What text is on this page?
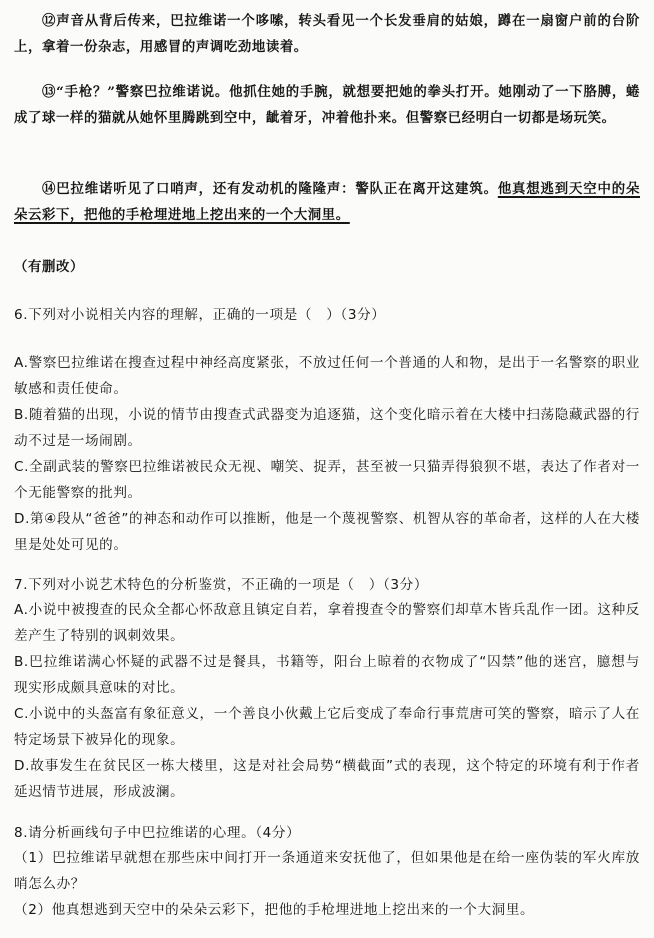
⑫声音从背后传来，巴拉维诺一个哆嗦，转头看见一个长发垂肩的姑娘，蹲在一扇窗户前的台阶上，拿着一份杂志，用感冒的声调吃劲地读着。

⑬“手枪？”警察巴拉维诺说。他抓住她的手腕，就想要把她的拳头打开。她刚动了一下胳膊，蜷成了球一样的猫就从她怀里腾跳到空中，龇着牙，冲着他扑来。但警察已经明白一切都是场玩笑。

⑭巴拉维诺听见了口哨声，还有发动机的隆隆声：警队正在离开这建筑。他真想逃到天空中的朵朵云彩下，把他的手枪埋进地上挖出来的一个大洞里。

（有删改）

6.下列对小说相关内容的理解，正确的一项是（　）（3分）

A.警察巴拉维诺在搜查过程中神经高度紧张，不放过任何一个普通的人和物，是出于一名警察的职业敏感和责任使命。
B.随着猫的出现，小说的情节由搜查式武器变为追逐猫，这个变化暗示着在大楼中扫荡隐藏武器的行动不过是一场闹剧。
C.全副武装的警察巴拉维诺被民众无视、嘲笑、捉弄，甚至被一只猫弄得狼狈不堪，表达了作者对一个无能警察的批判。
D.第④段从“爸爸”的神态和动作可以推断，他是一个蔑视警察、机智从容的革命者，这样的人在大楼里是处处可见的。

7.下列对小说艺术特色的分析鉴赏，不正确的一项是（　）（3分）

A.小说中被搜查的民众全都心怀敌意且镇定自若，拿着搜查令的警察们却草木皆兵乱作一团。这种反差产生了特别的讽刺效果。
B.巴拉维诺满心怀疑的武器不过是餐具，书籍等，阳台上晾着的衣物成了“囚禁”他的迷宫，臆想与现实形成颇具意味的对比。
C.小说中的头盔富有象征意义，一个善良小伙戴上它后变成了奉命行事荒唐可笑的警察，暗示了人在特定场景下被异化的现象。
D.故事发生在贫民区一栋大楼里，这是对社会局势“横截面”式的表现，这个特定的环境有利于作者延迟情节进展，形成波澜。

8.请分析画线句子中巴拉维诺的心理。（4分）

（1）巴拉维诺早就想在那些床中间打开一条通道来安抚他了，但如果他是在给一座伪装的军火库放哨怎么办？
（2）他真想逃到天空中的朵朵云彩下，把他的手枪埋进地上挖出来的一个大洞里。
